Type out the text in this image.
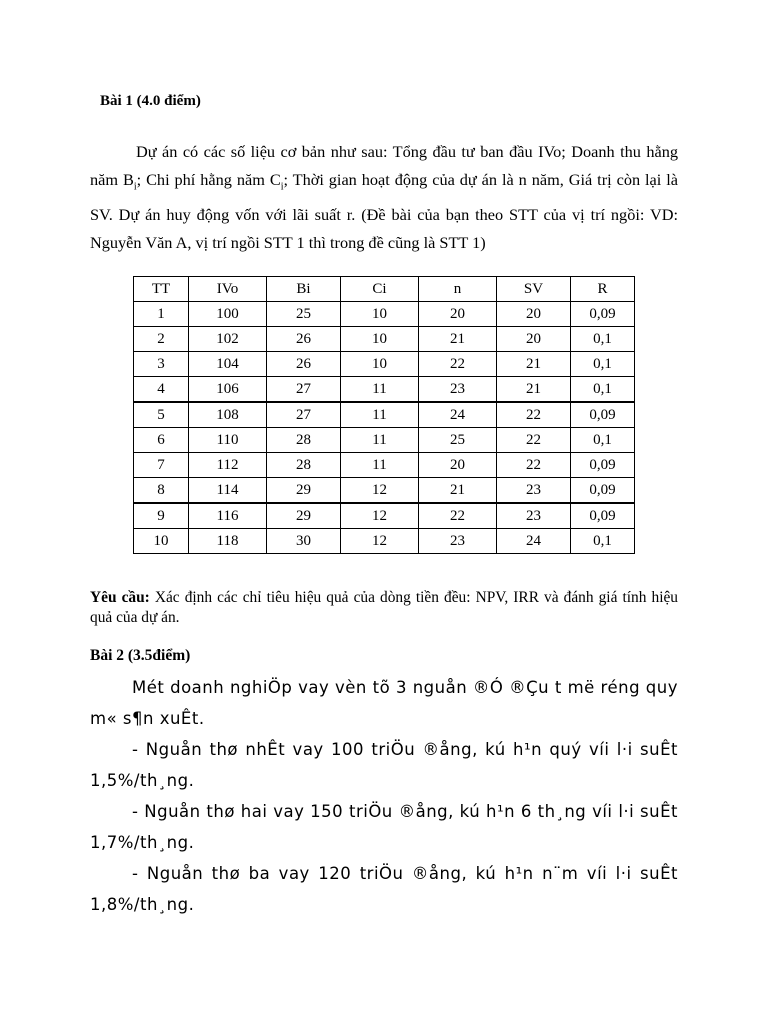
Bài 1 (4.0 điểm)

Dự án có các số liệu cơ bản như sau: Tổng đầu tư ban đầu IVo; Doanh thu hằng năm $B_i$; Chi phí hằng năm $C_i$; Thời gian hoạt động của dự án là n năm, Giá trị còn lại là SV. Dự án huy động vốn với lãi suất r. (Đề bài của bạn theo STT của vị trí ngồi: VD: Nguyễn Văn A, vị trí ngồi STT 1 thì trong đề cũng là STT 1)

TT	IVo	Bi	Ci	n	SV	R
1	100	25	10	20	20	0,09
2	102	26	10	21	20	0,1
3	104	26	10	22	21	0,1
4	106	27	11	23	21	0,1
5	108	27	11	24	22	0,09
6	110	28	11	25	22	0,1
7	112	28	11	20	22	0,09
8	114	29	12	21	23	0,09
9	116	29	12	22	23	0,09
10	118	30	12	23	24	0,1

Yêu cầu: Xác định các chỉ tiêu hiệu quả của dòng tiền đều: NPV, IRR và đánh giá tính hiệu quả của dự án.

Bài 2 (3.5điểm)

Mét doanh nghiÖp vay vèn tõ 3 nguån ®Ó ®Çu t më réng quy m« s¶n xuÊt.

- Nguån thø nhÊt vay 100 triÖu ®ång, kú h¹n quý víi l·i suÊt 1,5%/th¸ng.

- Nguån thø hai vay 150 triÖu ®ång, kú h¹n 6 th¸ng víi l·i suÊt 1,7%/th¸ng.

- Nguån thø ba vay 120 triÖu ®ång, kú h¹n n¨m víi l·i suÊt 1,8%/th¸ng.
